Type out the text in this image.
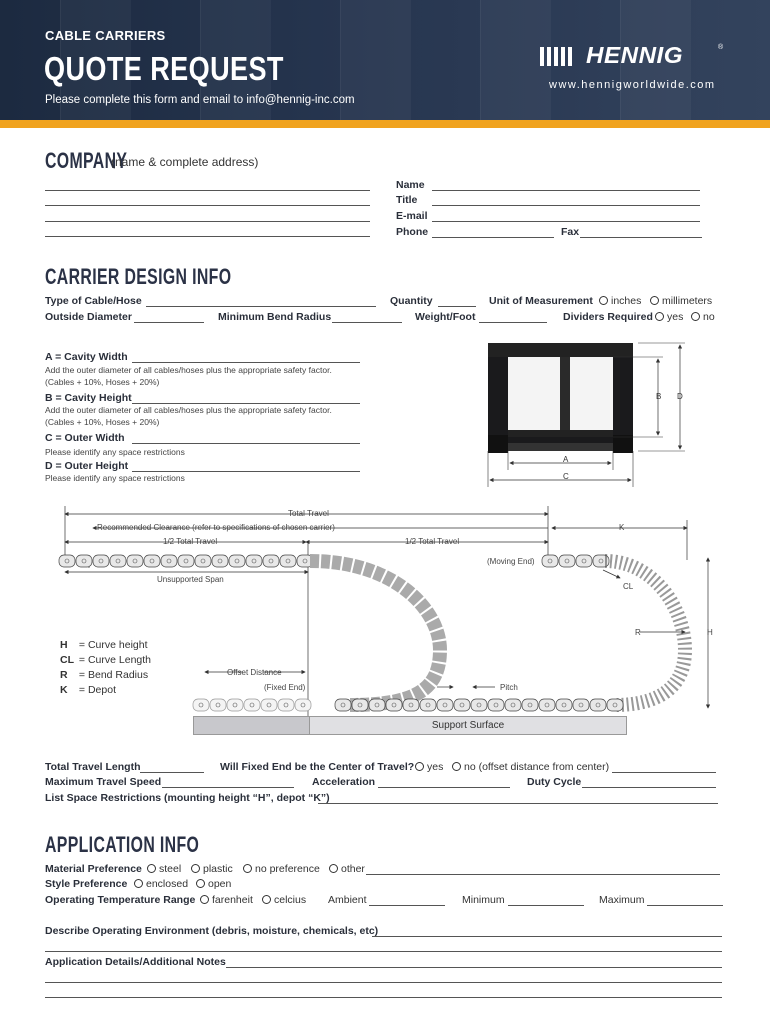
CABLE CARRIERS
QUOTE REQUEST
Please complete this form and email to info@hennig-inc.com
HENNIG	®
www.hennigworldwide.com
COMPANY
(name & complete address)
Name
Title
E-mail
Phone	Fax
CARRIER DESIGN INFO
Type of Cable/Hose	Quantity	Unit of Measurement	inches	millimeters
Outside Diameter	Minimum Bend Radius	Weight/Foot	Dividers Required	yes	no
A = Cavity Width
Add the outer diameter of all cables/hoses plus the appropriate safety factor.
(Cables + 10%, Hoses + 20%)
B = Cavity Height
Add the outer diameter of all cables/hoses plus the appropriate safety factor.
(Cables + 10%, Hoses + 20%)
C = Outer Width
Please identify any space restrictions
D = Outer Height
Please identify any space restrictions
B D
A
C
Total Travel
Recommended Clearance (refer to specifications of chosen carrier)
1/2 Total Travel	1/2 Total Travel
K
(Moving End)
Unsupported Span
CL
R	H
Offset Distance
(Fixed End)	Pitch
Support Surface
H = Curve height
CL = Curve Length
R = Bend Radius
K = Depot
Total Travel Length	Will Fixed End be the Center of Travel?	yes	no (offset distance from center)
Maximum Travel Speed	Acceleration	Duty Cycle
List Space Restrictions (mounting height “H”, depot “K”)
APPLICATION INFO
Material Preference	steel	plastic	no preference	other
Style Preference	enclosed	open
Operating Temperature Range	farenheit	celcius Ambient	Minimum	Maximum
Describe Operating Environment (debris, moisture, chemicals, etc)
Application Details/Additional Notes
